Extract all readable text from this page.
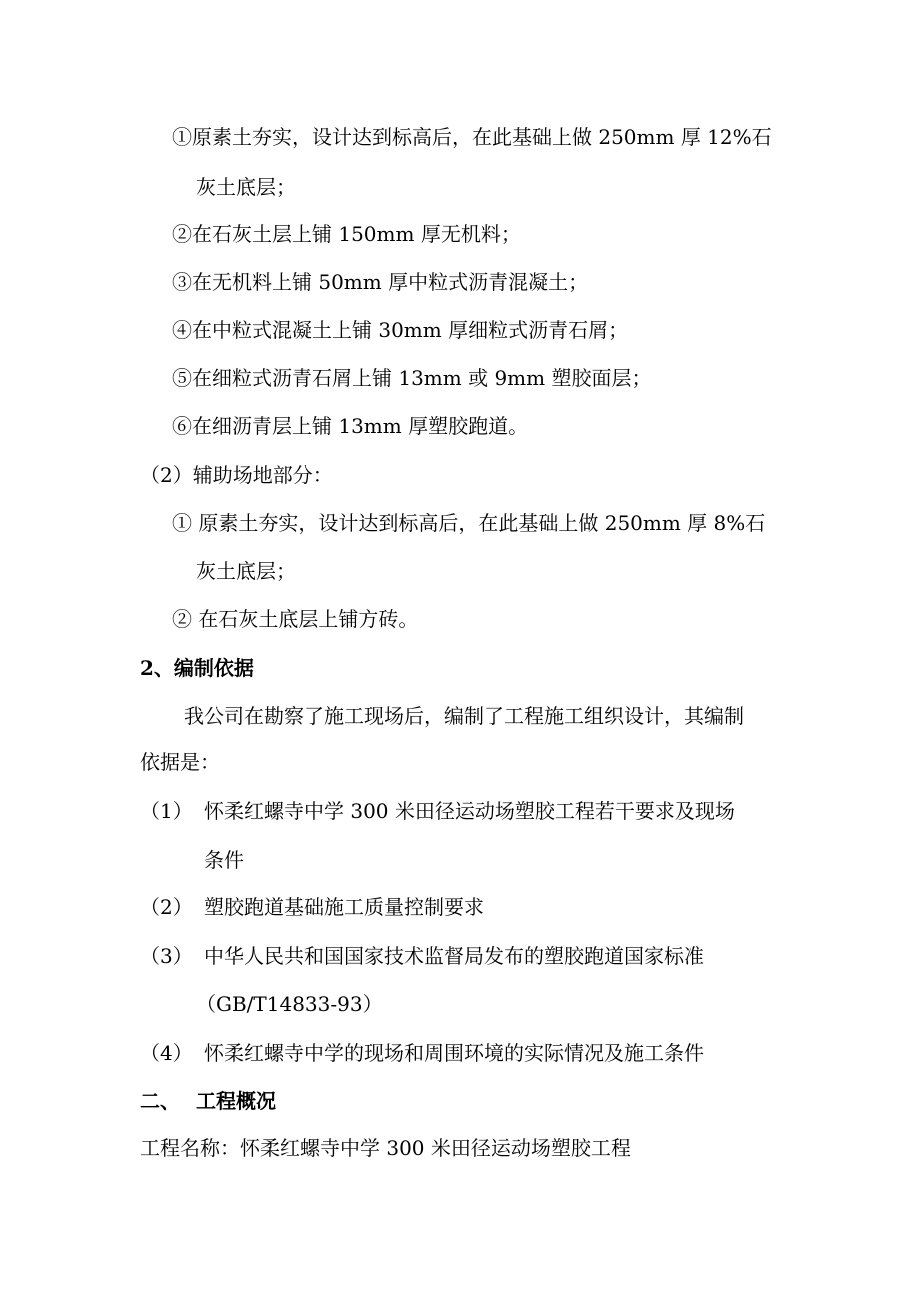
①原素土夯实，设计达到标高后，在此基础上做 250mm 厚 12%石
灰土底层；
②在石灰土层上铺 150mm 厚无机料；
③在无机料上铺 50mm 厚中粒式沥青混凝土；
④在中粒式混凝土上铺 30mm 厚细粒式沥青石屑；
⑤在细粒式沥青石屑上铺 13mm 或 9mm 塑胶面层；
⑥在细沥青层上铺 13mm 厚塑胶跑道。
（2）辅助场地部分：
① 原素土夯实，设计达到标高后，在此基础上做 250mm 厚 8%石
灰土底层；
② 在石灰土底层上铺方砖。
2、编制依据
我公司在勘察了施工现场后，编制了工程施工组织设计，其编制
依据是：
（1） 怀柔红螺寺中学 300 米田径运动场塑胶工程若干要求及现场
条件
（2） 塑胶跑道基础施工质量控制要求
（3） 中华人民共和国国家技术监督局发布的塑胶跑道国家标准
（GB/T14833-93）
（4） 怀柔红螺寺中学的现场和周围环境的实际情况及施工条件
二、 工程概况
工程名称：怀柔红螺寺中学 300 米田径运动场塑胶工程
